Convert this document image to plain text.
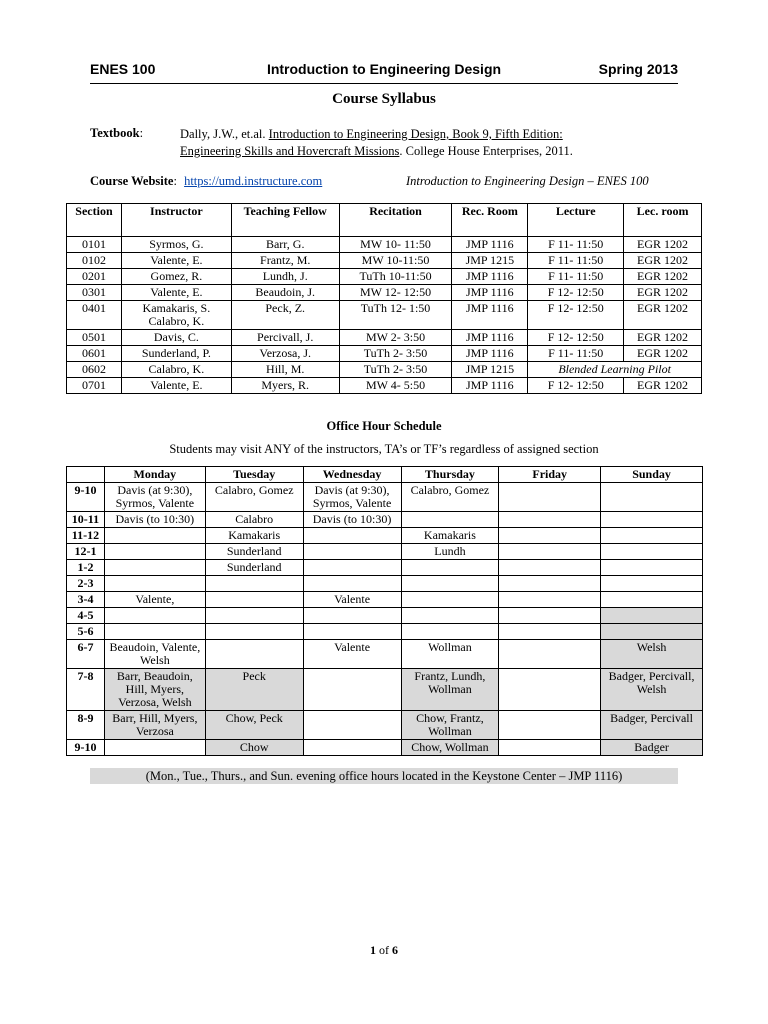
ENES 100	Introduction to Engineering Design	Spring 2013
Course Syllabus
Textbook:	Dally, J.W., et.al. Introduction to Engineering Design, Book 9, Fifth Edition:
Engineering Skills and Hovercraft Missions. College House Enterprises, 2011.
Course Website: https://umd.instructure.com	Introduction to Engineering Design – ENES 100
Section	Instructor	Teaching Fellow	Recitation	Rec. Room	Lecture	Lec. room
0101	Syrmos, G.	Barr, G.	MW 10- 11:50	JMP 1116	F 11- 11:50	EGR 1202
0102	Valente, E.	Frantz, M.	MW 10-11:50	JMP 1215	F 11- 11:50	EGR 1202
0201	Gomez, R.	Lundh, J.	TuTh 10-11:50	JMP 1116	F 11- 11:50	EGR 1202
0301	Valente, E.	Beaudoin, J.	MW 12- 12:50	JMP 1116	F 12- 12:50	EGR 1202
0401	Kamakaris, S. Calabro, K.	Peck, Z.	TuTh 12- 1:50	JMP 1116	F 12- 12:50	EGR 1202
0501	Davis, C.	Percivall, J.	MW 2- 3:50	JMP 1116	F 12- 12:50	EGR 1202
0601	Sunderland, P.	Verzosa, J.	TuTh 2- 3:50	JMP 1116	F 11- 11:50	EGR 1202
0602	Calabro, K.	Hill, M.	TuTh 2- 3:50	JMP 1215	Blended Learning Pilot	
0701	Valente, E.	Myers, R.	MW 4- 5:50	JMP 1116	F 12- 12:50	EGR 1202
Office Hour Schedule
Students may visit ANY of the instructors, TA’s or TF’s regardless of assigned section
	Monday	Tuesday	Wednesday	Thursday	Friday	Sunday
9-10	Davis (at 9:30), Syrmos, Valente	Calabro, Gomez	Davis (at 9:30), Syrmos, Valente	Calabro, Gomez		
10-11	Davis (to 10:30)	Calabro	Davis (to 10:30)			
11-12		Kamakaris		Kamakaris		
12-1		Sunderland		Lundh		
1-2		Sunderland				
2-3						
3-4	Valente,		Valente			
4-5						
5-6						
6-7	Beaudoin, Valente, Welsh		Valente	Wollman		Welsh
7-8	Barr, Beaudoin, Hill, Myers, Verzosa, Welsh	Peck		Frantz, Lundh, Wollman		Badger, Percivall, Welsh
8-9	Barr, Hill, Myers, Verzosa	Chow, Peck		Chow, Frantz, Wollman		Badger, Percivall
9-10		Chow		Chow, Wollman		Badger
(Mon., Tue., Thurs., and Sun. evening office hours located in the Keystone Center – JMP 1116)
1 of 6
